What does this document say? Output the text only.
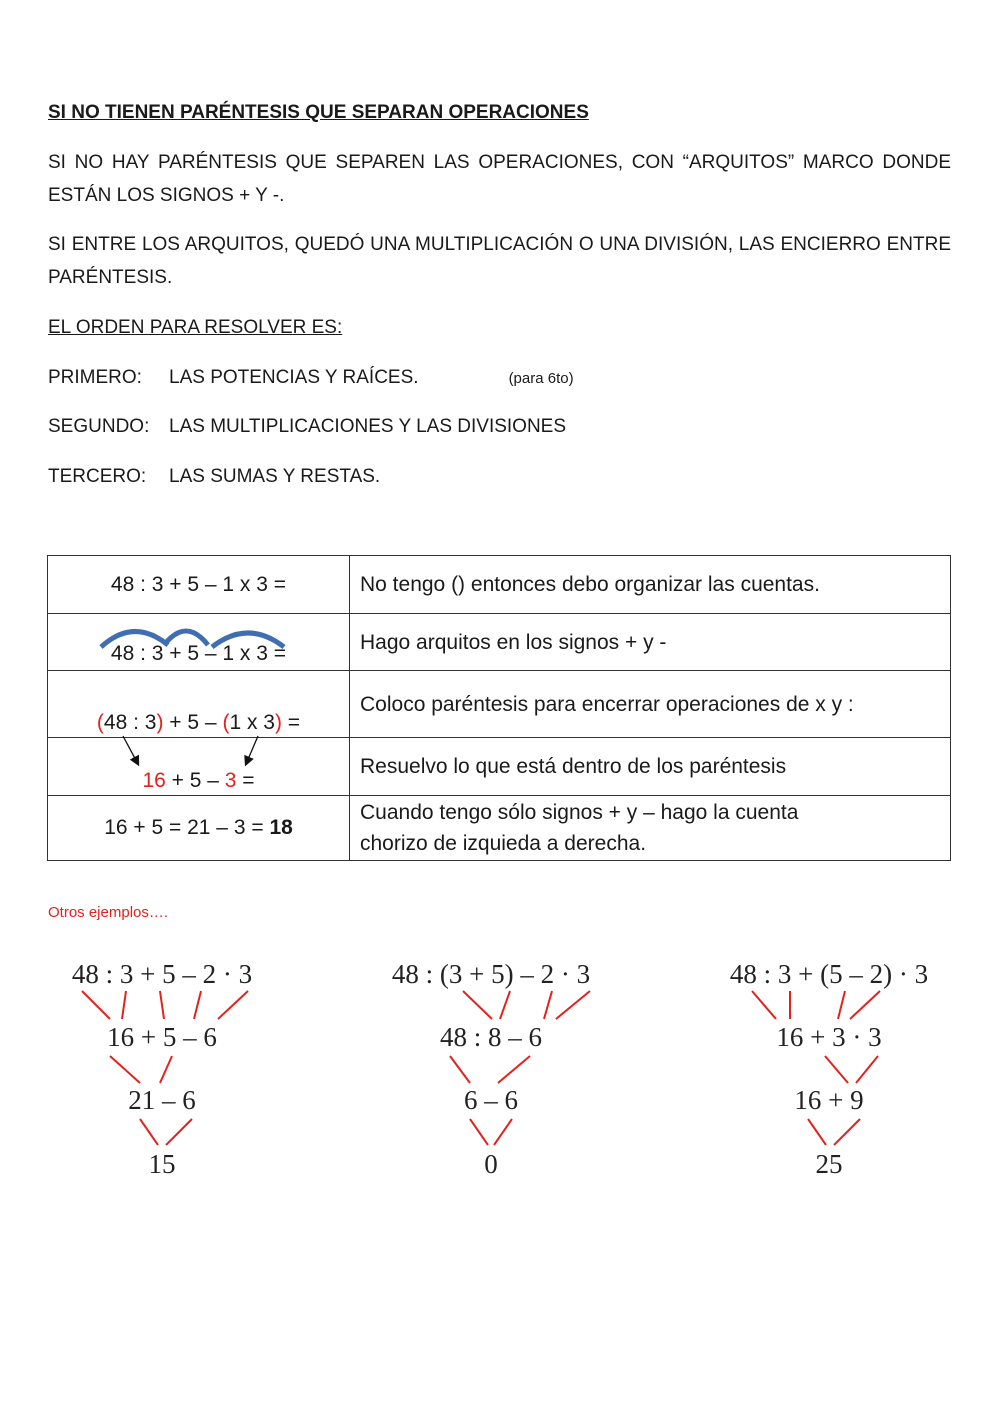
SI NO TIENEN PARÉNTESIS QUE SEPARAN OPERACIONES
SI NO HAY PARÉNTESIS QUE SEPAREN LAS OPERACIONES, CON “ARQUITOS” MARCO DONDE ESTÁN LOS SIGNOS + Y -.
SI ENTRE LOS ARQUITOS, QUEDÓ UNA MULTIPLICACIÓN O UNA DIVISIÓN, LAS ENCIERRO ENTRE PARÉNTESIS.
EL ORDEN PARA RESOLVER ES:
PRIMERO: LAS POTENCIAS Y RAÍCES.	(para 6to)
SEGUNDO: LAS MULTIPLICACIONES Y LAS DIVISIONES
TERCERO: LAS SUMAS Y RESTAS.
48 : 3 + 5 – 1 x 3 =	No tengo () entonces debo organizar las cuentas.

48 : 3 + 5 – 1 x 3 =	Hago arquitos en los signos + y -
(48 : 3) + 5 – (1 x 3) =	Coloco paréntesis para encerrar operaciones de x y :

16 + 5 – 3 =	Resuelvo lo que está dentro de los paréntesis
16 + 5 = 21 – 3 = 18	Cuando tengo sólo signos + y – hago la cuenta
chorizo de izquieda a derecha.
Otros ejemplos….
48 : 3 + 5 – 2 · 3
16 + 5 – 6
21 – 6
15
48 : (3 + 5) – 2 · 3
48 : 8 – 6
6 – 6
0
48 : 3 + (5 – 2) · 3
16 + 3 · 3
16 + 9
25
